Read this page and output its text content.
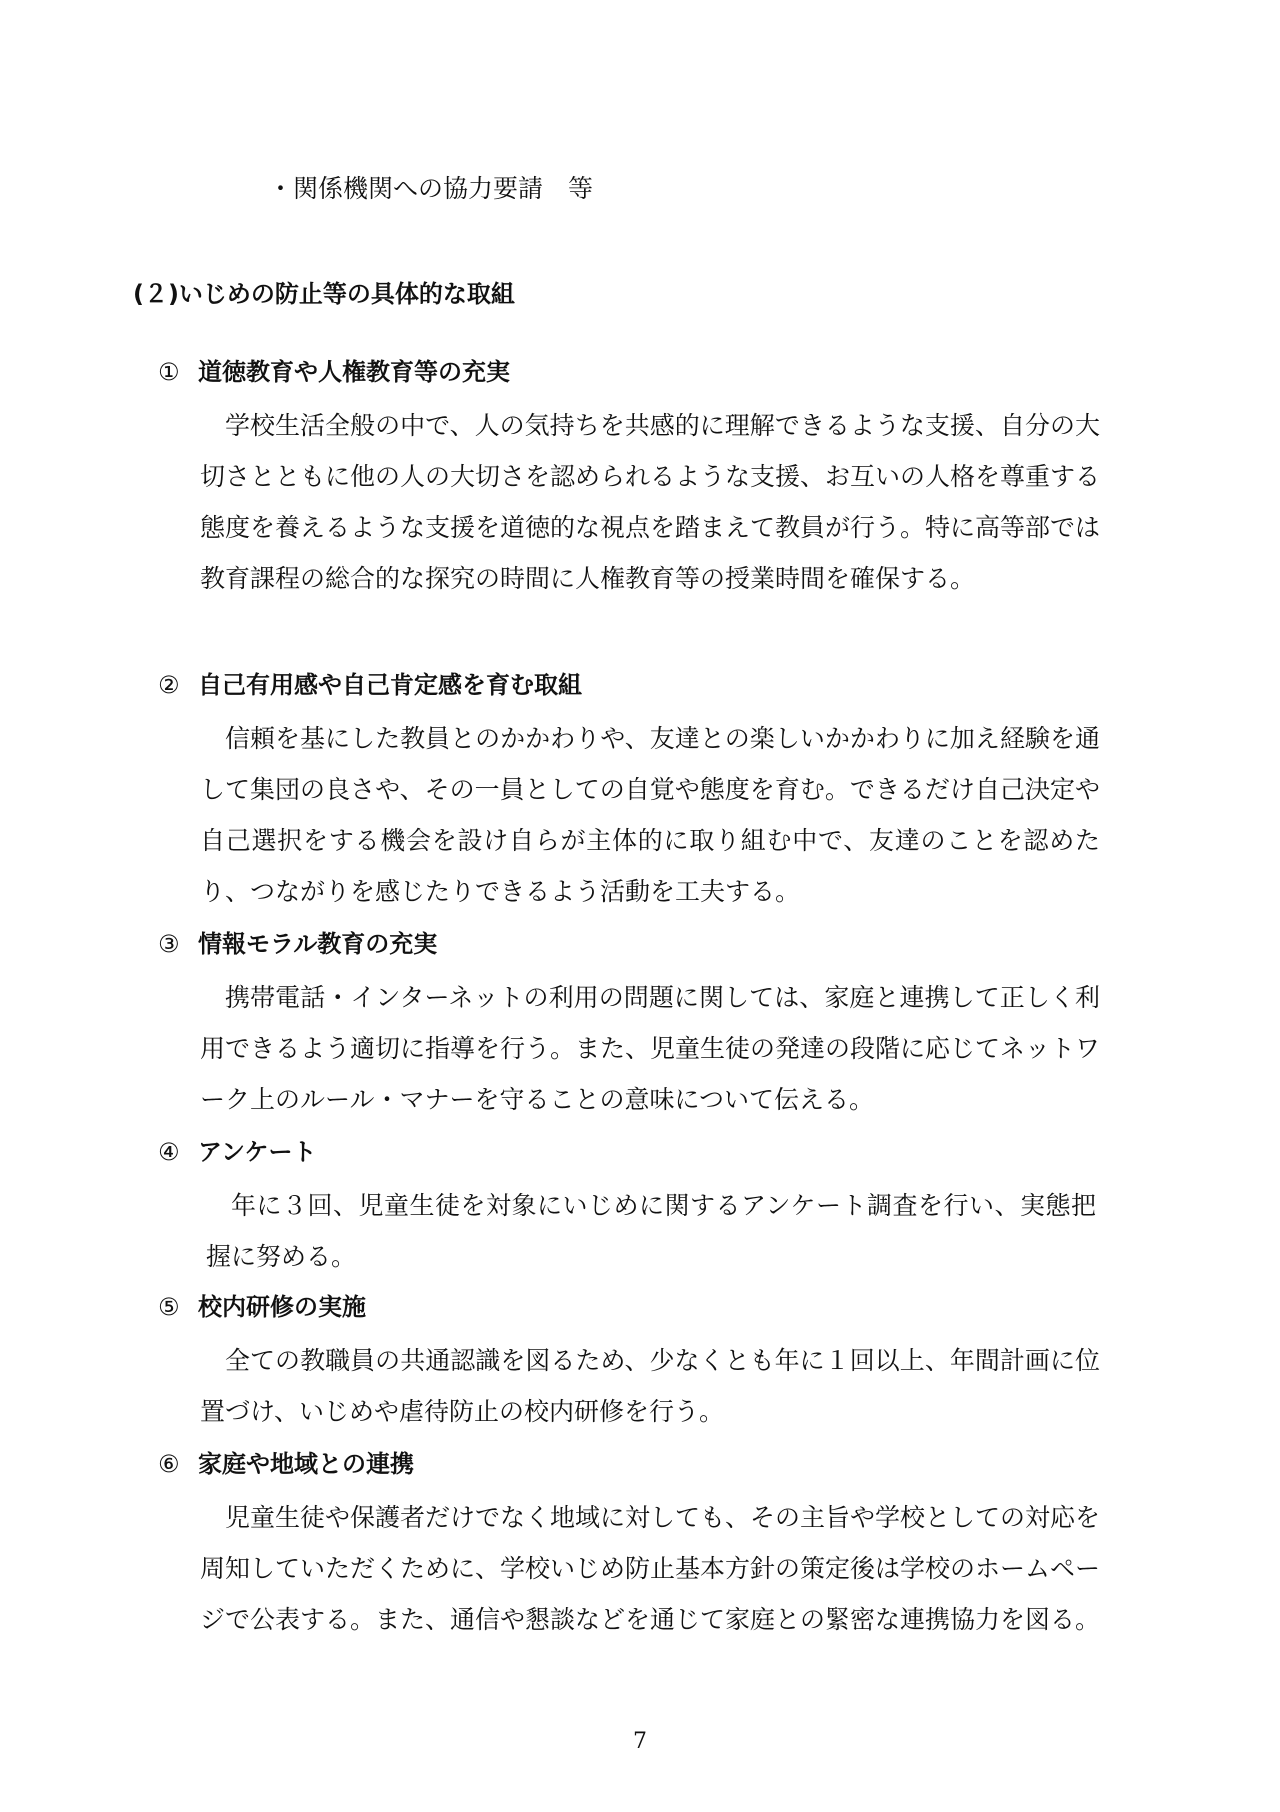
・関係機関への協力要請　等
(２)いじめの防止等の具体的な取組
① 道徳教育や人権教育等の充実
学校生活全般の中で、人の気持ちを共感的に理解できるような支援、自分の大切さとともに他の人の大切さを認められるような支援、お互いの人格を尊重する態度を養えるような支援を道徳的な視点を踏まえて教員が行う。特に高等部では教育課程の総合的な探究の時間に人権教育等の授業時間を確保する。
② 自己有用感や自己肯定感を育む取組
信頼を基にした教員とのかかわりや、友達との楽しいかかわりに加え経験を通して集団の良さや、その一員としての自覚や態度を育む。できるだけ自己決定や自己選択をする機会を設け自らが主体的に取り組む中で、友達のことを認めたり、つながりを感じたりできるよう活動を工夫する。
③ 情報モラル教育の充実
携帯電話・インターネットの利用の問題に関しては、家庭と連携して正しく利用できるよう適切に指導を行う。また、児童生徒の発達の段階に応じてネットワーク上のルール・マナーを守ることの意味について伝える。
④ アンケート
年に３回、児童生徒を対象にいじめに関するアンケート調査を行い、実態把握に努める。
⑤ 校内研修の実施
全ての教職員の共通認識を図るため、少なくとも年に１回以上、年間計画に位置づけ、いじめや虐待防止の校内研修を行う。
⑥ 家庭や地域との連携
児童生徒や保護者だけでなく地域に対しても、その主旨や学校としての対応を周知していただくために、学校いじめ防止基本方針の策定後は学校のホームページで公表する。また、通信や懇談などを通じて家庭との緊密な連携協力を図る。
7
